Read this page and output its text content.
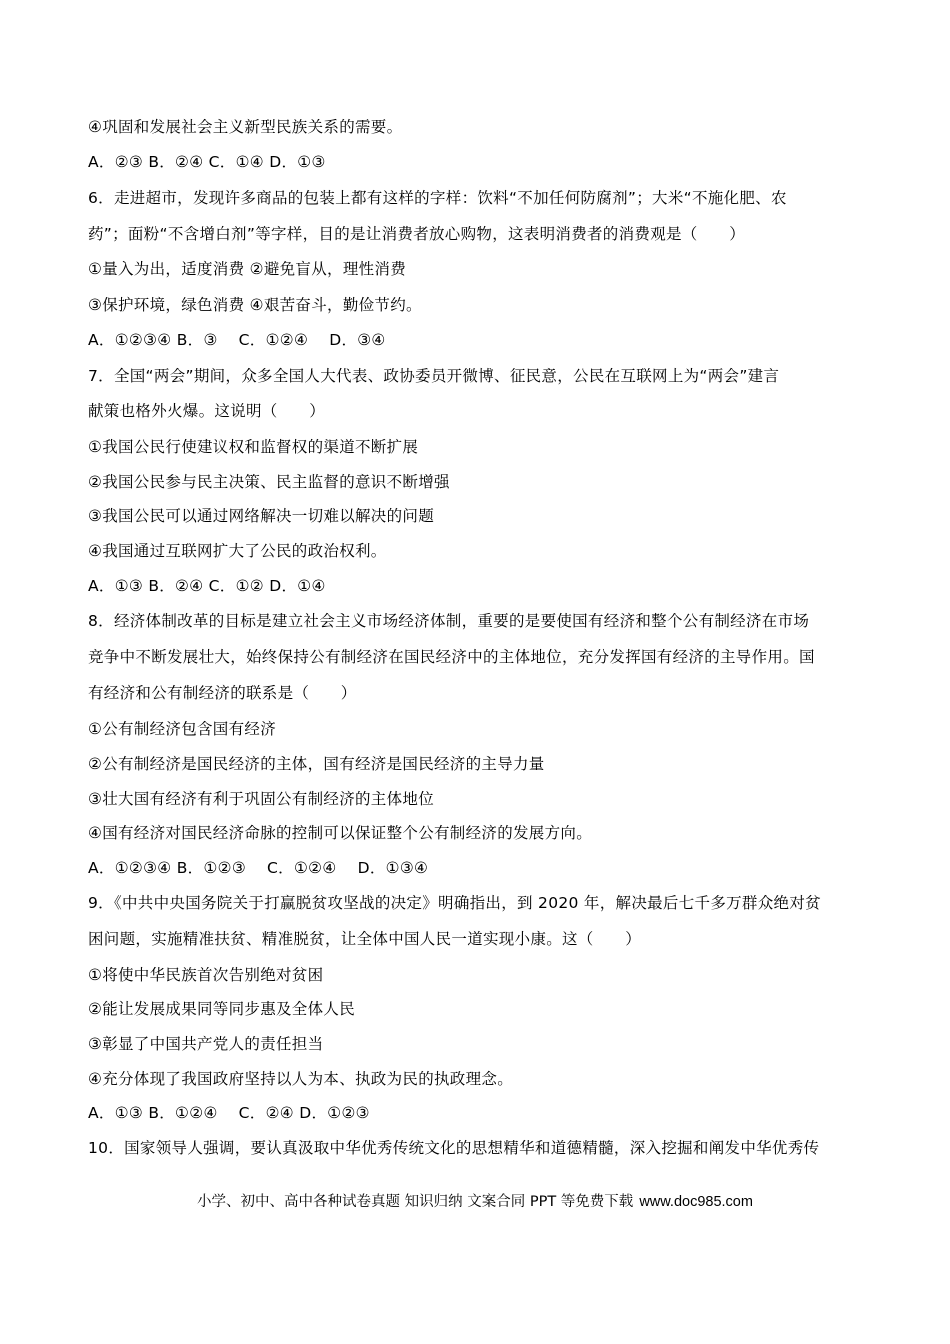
④巩固和发展社会主义新型民族关系的需要。
A．②③ B．②④ C．①④ D．①③
6．走进超市，发现许多商品的包装上都有这样的字样：饮料“不加任何防腐剂”；大米“不施化肥、农
药”；面粉“不含增白剂”等字样，目的是让消费者放心购物，这表明消费者的消费观是（　　）
①量入为出，适度消费 ②避免盲从，理性消费
③保护环境，绿色消费 ④艰苦奋斗，勤俭节约。
A．①②③④ B．③　 C．①②④　 D．③④
7．全国“两会”期间，众多全国人大代表、政协委员开微博、征民意，公民在互联网上为“两会”建言
献策也格外火爆。这说明（　　）
①我国公民行使建议权和监督权的渠道不断扩展
②我国公民参与民主决策、民主监督的意识不断增强
③我国公民可以通过网络解决一切难以解决的问题
④我国通过互联网扩大了公民的政治权利。
A．①③ B．②④ C．①② D．①④
8．经济体制改革的目标是建立社会主义市场经济体制，重要的是要使国有经济和整个公有制经济在市场
竞争中不断发展壮大，始终保持公有制经济在国民经济中的主体地位，充分发挥国有经济的主导作用。国
有经济和公有制经济的联系是（　　）
①公有制经济包含国有经济
②公有制经济是国民经济的主体，国有经济是国民经济的主导力量
③壮大国有经济有利于巩固公有制经济的主体地位
④国有经济对国民经济命脉的控制可以保证整个公有制经济的发展方向。
A．①②③④ B．①②③　 C．①②④　 D．①③④
9．《中共中央国务院关于打赢脱贫攻坚战的决定》明确指出，到 2020 年，解决最后七千多万群众绝对贫
困问题，实施精准扶贫、精准脱贫，让全体中国人民一道实现小康。这（　　）
①将使中华民族首次告别绝对贫困
②能让发展成果同等同步惠及全体人民
③彰显了中国共产党人的责任担当
④充分体现了我国政府坚持以人为本、执政为民的执政理念。
A．①③ B．①②④　 C．②④ D．①②③
10．国家领导人强调，要认真汲取中华优秀传统文化的思想精华和道德精髓，深入挖掘和阐发中华优秀传
小学、初中、高中各种试卷真题 知识归纳 文案合同 PPT 等免费下载 www.doc985.com
